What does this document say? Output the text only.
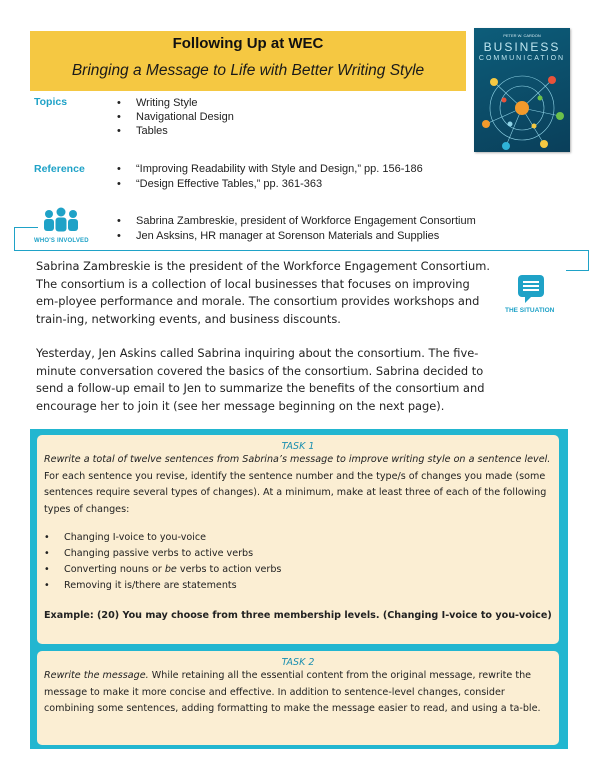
Following Up at WEC
Bringing a Message to Life with Better Writing Style
PETER W. CARDON
BUSINESS
COMMUNICATION
Topics	• Writing Style
• Navigational Design
• Tables
Reference	• “Improving Readability with Style and Design,” pp. 156-186
• “Design Effective Tables,” pp. 361-363
WHO'S INVOLVED
• Sabrina Zambreskie, president of Workforce Engagement Consortium
• Jen Asksins, HR manager at Sorenson Materials and Supplies
Sabrina Zambreskie is the president of the Workforce Engagement Consortium. The consortium is a collection of local businesses that focuses on improving em-ployee performance and morale. The consortium provides workshops and train-ing, networking events, and business discounts.
Yesterday, Jen Askins called Sabrina inquiring about the consortium. The five-minute conversation covered the basics of the consortium. Sabrina decided to send a follow-up email to Jen to summarize the benefits of the consortium and encourage her to join it (see her message beginning on the next page).
THE SITUATION
TASK 1
Rewrite a total of twelve sentences from Sabrina’s message to improve writing style on a sentence level. For each sentence you revise, identify the sentence number and the type/s of changes you made (some sentences require several types of changes). At a minimum, make at least three of each of the following types of changes:
• Changing I-voice to you-voice
• Changing passive verbs to active verbs
• Converting nouns or be verbs to action verbs
• Removing it is/there are statements
Example: (20) You may choose from three membership levels. (Changing I-voice to you-voice)
TASK 2
Rewrite the message. While retaining all the essential content from the original message, rewrite the message to make it more concise and effective. In addition to sentence-level changes, consider combining some sentences, adding formatting to make the message easier to read, and using a ta-ble.
